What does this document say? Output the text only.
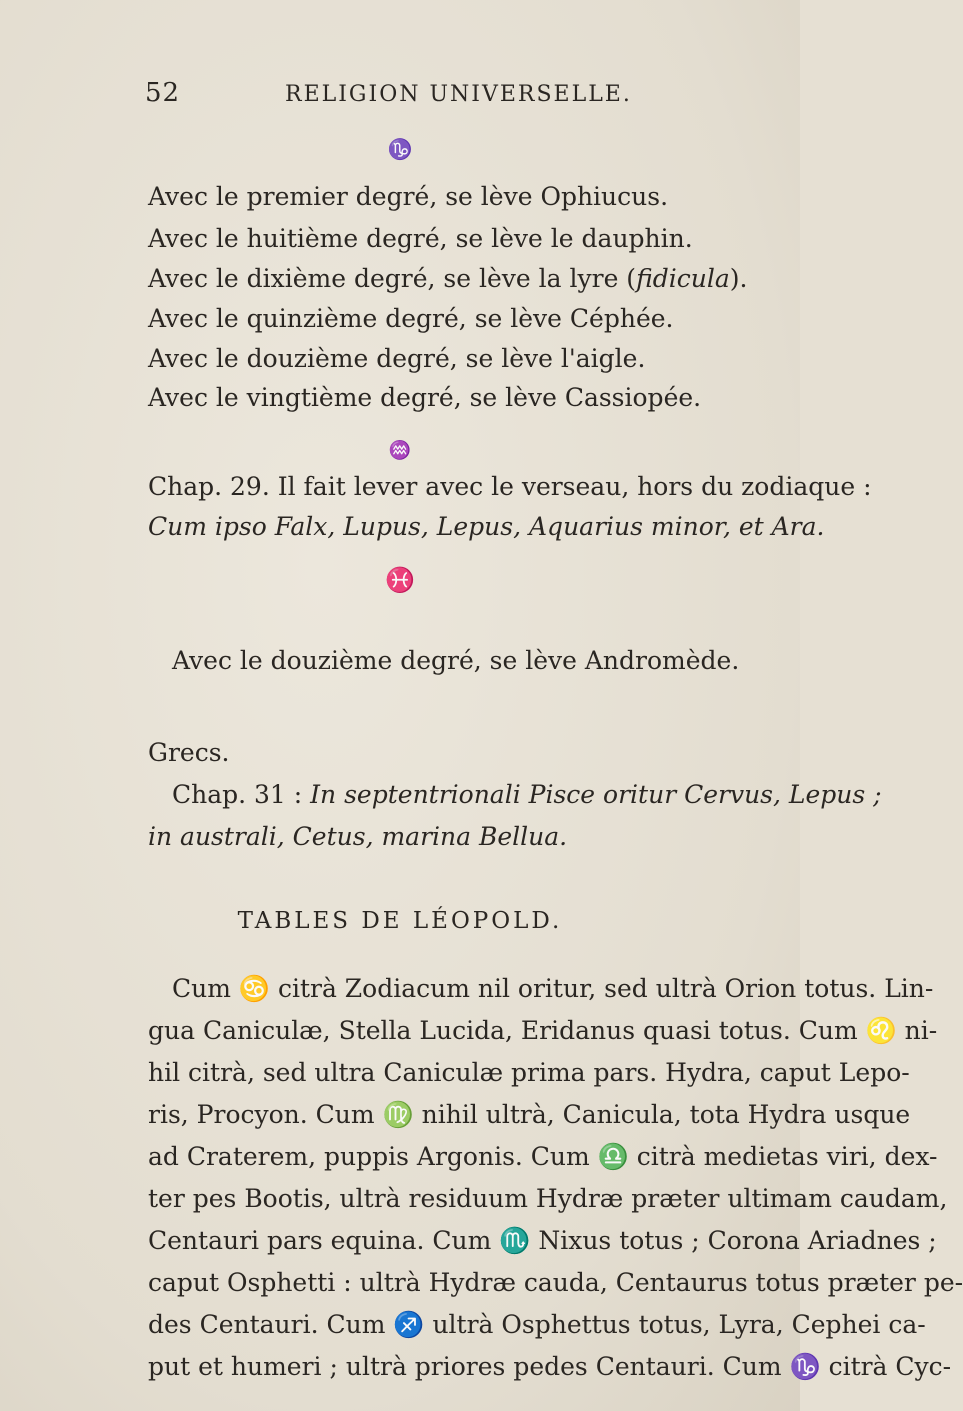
52	RELIGION UNIVERSELLE.
♑
Avec le premier degré, se lève Ophiucus.
Avec le huitième degré, se lève le dauphin.
Avec le dixième degré, se lève la lyre (fidicula).
Avec le quinzième degré, se lève Céphée.
Avec le douzième degré, se lève l'aigle.
Avec le vingtième degré, se lève Cassiopée.
♒
Chap. 29. Il fait lever avec le verseau, hors du zodiaque :
Cum ipso Falx, Lupus, Lepus, Aquarius minor, et Ara.
♓

Avec le douzième degré, se lève Andromède.
Grecs.
Chap. 31 : In septentrionali Pisce oritur Cervus, Lepus ;
in australi, Cetus, marina Bellua.
TABLES DE LÉOPOLD.
Cum ♋ citrà Zodiacum nil oritur, sed ultrà Orion totus. Lin-
gua Caniculæ, Stella Lucida, Eridanus quasi totus. Cum ♌ ni-
hil citrà, sed ultra Caniculæ prima pars. Hydra, caput Lepo-
ris, Procyon. Cum ♍ nihil ultrà, Canicula, tota Hydra usque
ad Craterem, puppis Argonis. Cum ♎ citrà medietas viri, dex-
ter pes Bootis, ultrà residuum Hydræ præter ultimam caudam,
Centauri pars equina. Cum ♏ Nixus totus ; Corona Ariadnes ;
caput Osphetti : ultrà Hydræ cauda, Centaurus totus præter pe-
des Centauri. Cum ♐ ultrà Osphettus totus, Lyra, Cephei ca-
put et humeri ; ultrà priores pedes Centauri. Cum ♑ citrà Cyc-
